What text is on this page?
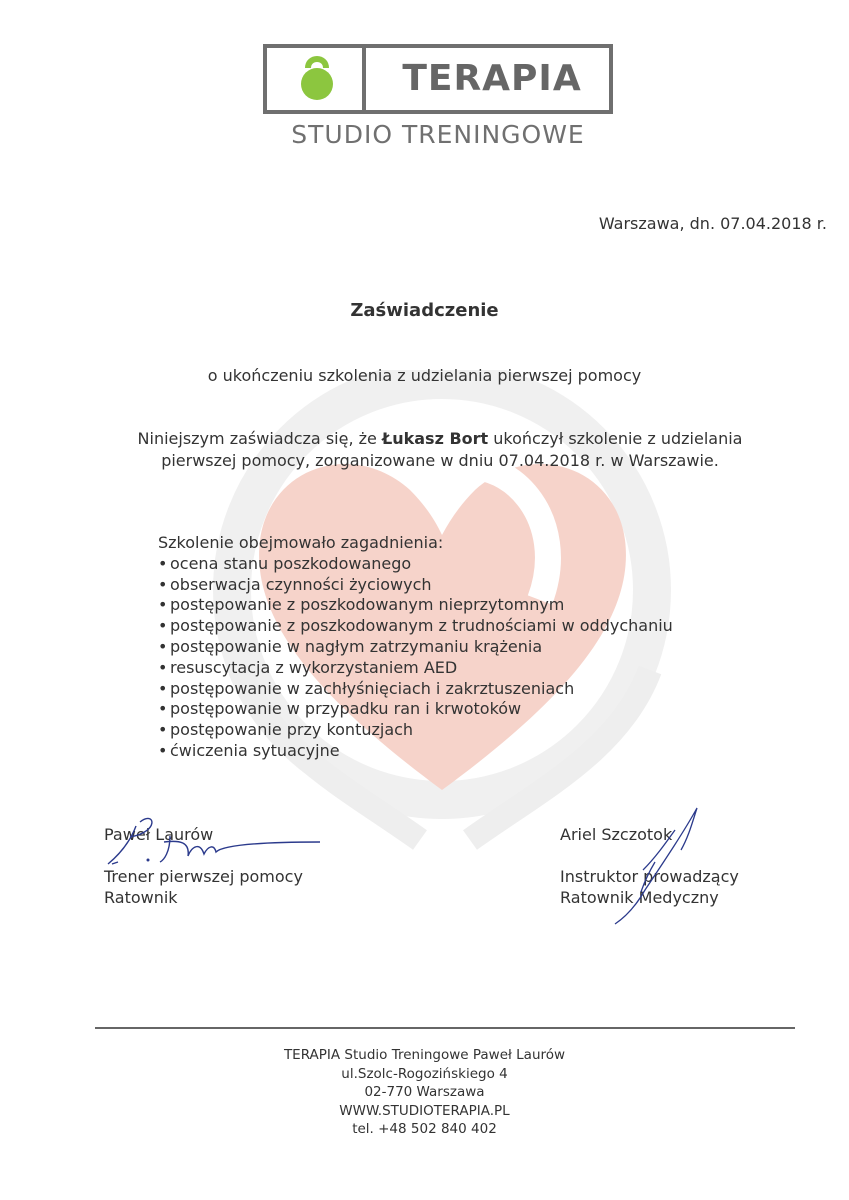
TERAPIA
STUDIO TRENINGOWE
Warszawa, dn. 07.04.2018 r.
Zaświadczenie
o ukończeniu szkolenia z udzielania pierwszej pomocy
Niniejszym zaświadcza się, że Łukasz Bort ukończył szkolenie z udzielania
pierwszej pomocy, zorganizowane w dniu 07.04.2018 r. w Warszawie.
Szkolenie obejmowało zagadnienia:
• ocena stanu poszkodowanego
• obserwacja czynności życiowych
• postępowanie z poszkodowanym nieprzytomnym
• postępowanie z poszkodowanym z trudnościami w oddychaniu
• postępowanie w nagłym zatrzymaniu krążenia
• resuscytacja z wykorzystaniem AED
• postępowanie w zachłyśnięciach i zakrztuszeniach
• postępowanie w przypadku ran i krwotoków
• postępowanie przy kontuzjach
• ćwiczenia sytuacyjne
Paweł Laurów
Trener pierwszej pomocy
Ratownik
Ariel Szczotok
Instruktor prowadzący
Ratownik Medyczny
TERAPIA Studio Treningowe Paweł Laurów
ul.Szolc-Rogozińskiego 4
02-770 Warszawa
WWW.STUDIOTERAPIA.PL
tel. +48 502 840 402
